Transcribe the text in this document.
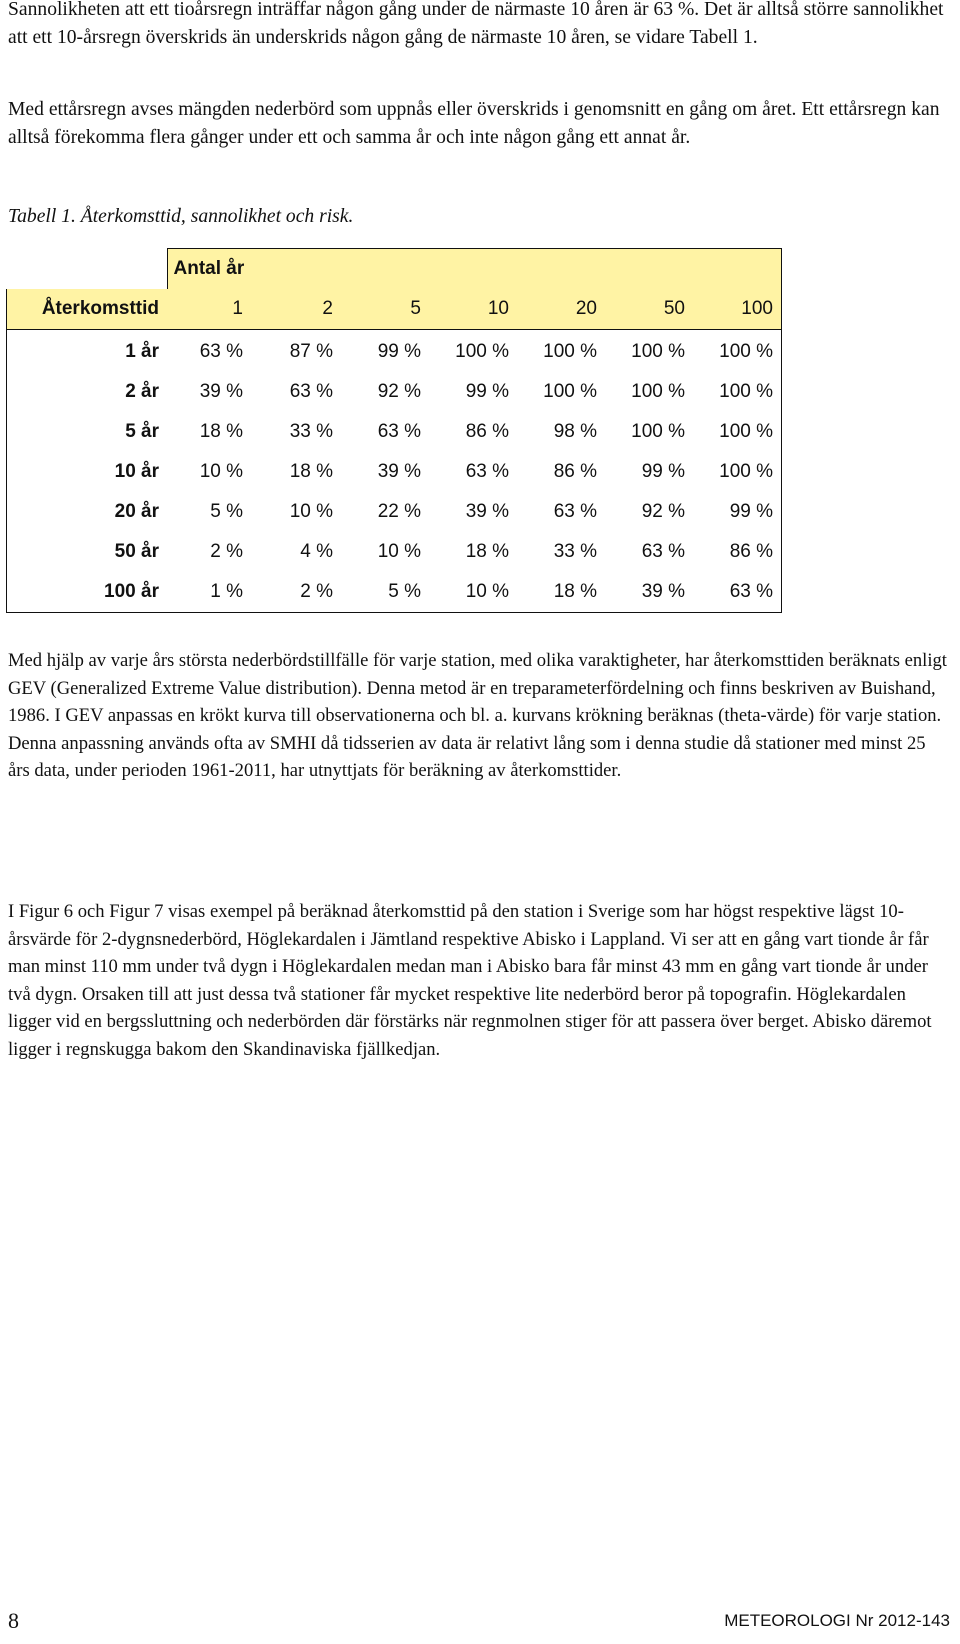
Sannolikheten att ett tioårsregn inträffar någon gång under de närmaste 10 åren är 63 %. Det är alltså större sannolikhet att ett 10-årsregn överskrids än underskrids någon gång de närmaste 10 åren, se vidare Tabell 1.

Med ettårsregn avses mängden nederbörd som uppnås eller överskrids i genomsnitt en gång om året. Ett ettårsregn kan alltså förekomma flera gånger under ett och samma år och inte någon gång ett annat år.

Tabell 1. Återkomsttid, sannolikhet och risk.

	Antal år						
Återkomsttid	1	2	5	10	20	50	100
1 år	63 %	87 %	99 %	100 %	100 %	100 %	100 %
2 år	39 %	63 %	92 %	99 %	100 %	100 %	100 %
5 år	18 %	33 %	63 %	86 %	98 %	100 %	100 %
10 år	10 %	18 %	39 %	63 %	86 %	99 %	100 %
20 år	5 %	10 %	22 %	39 %	63 %	92 %	99 %
50 år	2 %	4 %	10 %	18 %	33 %	63 %	86 %
100 år	1 %	2 %	5 %	10 %	18 %	39 %	63 %

Med hjälp av varje års största nederbördstillfälle för varje station, med olika varaktigheter, har återkomsttiden beräknats enligt GEV (Generalized Extreme Value distribution). Denna metod är en treparameterfördelning och finns beskriven av Buishand, 1986. I GEV anpassas en krökt kurva till observationerna och bl. a. kurvans krökning beräknas (theta-värde) för varje station. Denna anpassning används ofta av SMHI då tidsserien av data är relativt lång som i denna studie då stationer med minst 25 års data, under perioden 1961-2011, har utnyttjats för beräkning av återkomsttider.

I Figur 6 och Figur 7 visas exempel på beräknad återkomsttid på den station i Sverige som har högst respektive lägst 10-årsvärde för 2-dygnsnederbörd, Höglekardalen i Jämtland respektive Abisko i Lappland. Vi ser att en gång vart tionde år får man minst 110 mm under två dygn i Höglekardalen medan man i Abisko bara får minst 43 mm en gång vart tionde år under två dygn. Orsaken till att just dessa två stationer får mycket respektive lite nederbörd beror på topografin. Höglekardalen ligger vid en bergssluttning och nederbörden där förstärks när regnmolnen stiger för att passera över berget. Abisko däremot ligger i regnskugga bakom den Skandinaviska fjällkedjan.

8	METEOROLOGI Nr 2012-143
